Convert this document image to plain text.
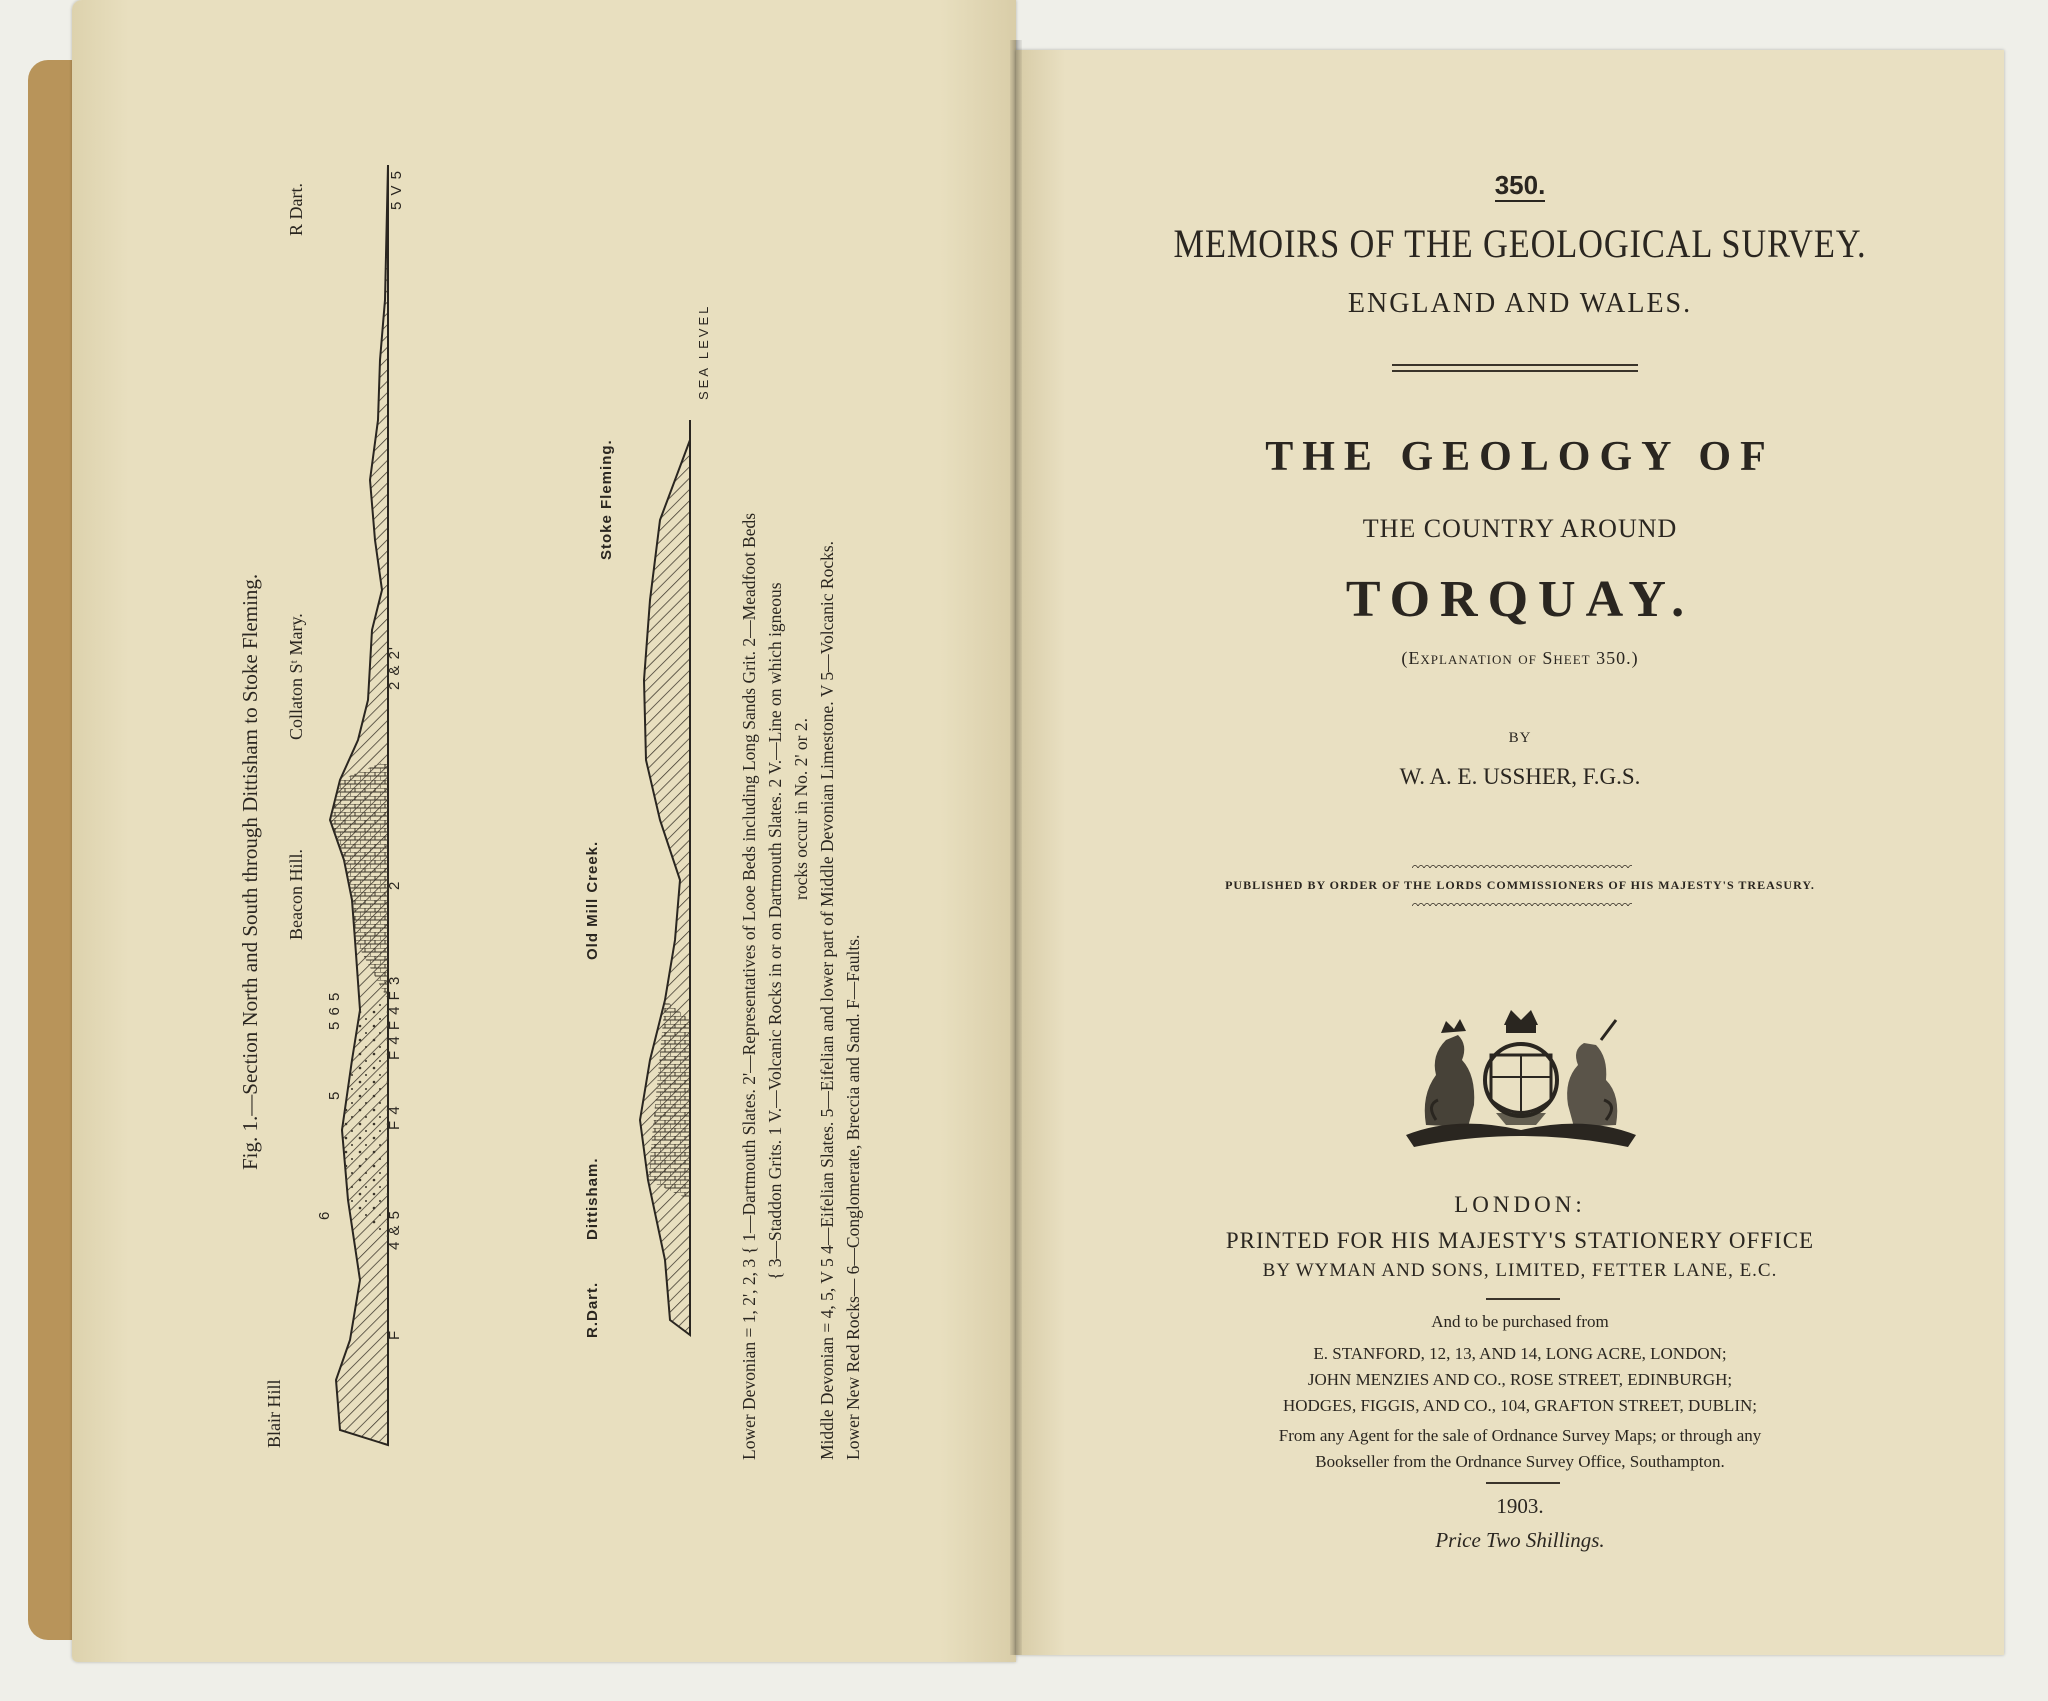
Fig. 1.—Section North and South through Dittisham to Stoke Fleming.
Blair Hill
Beacon Hill.
Collaton Sᵗ Mary.
R Dart.
F
4 & 5
F 4
F 4 F 4 F 3
2
2 & 2'
5
5 6 5
6
5 V 5
R.Dart.
Dittisham.
Old Mill Creek.
Stoke Fleming.
SEA LEVEL
Lower Devonian = 1, 2', 2, 3 { 1—Dartmouth Slates. 2'—Representatives of Looe Beds including Long Sands Grit. 2—Meadfoot Beds { 3—Staddon Grits. 1 V.—Volcanic Rocks in or on Dartmouth Slates. 2 V.—Line on which igneous rocks occur in No. 2' or 2. Middle Devonian = 4, 5, V 5 4—Eifelian Slates. 5—Eifelian and lower part of Middle Devonian Limestone. V 5—Volcanic Rocks. Lower New Red Rocks— 6—Conglomerate, Breccia and Sand. F—Faults.
350.
MEMOIRS OF THE GEOLOGICAL SURVEY.
ENGLAND AND WALES.
THE GEOLOGY OF
THE COUNTRY AROUND
TORQUAY.
(Explanation of Sheet 350.)
BY
W. A. E. USSHER, F.G.S.
PUBLISHED BY ORDER OF THE LORDS COMMISSIONERS OF HIS MAJESTY'S TREASURY.
LONDON:
PRINTED FOR HIS MAJESTY'S STATIONERY OFFICE
BY WYMAN AND SONS, LIMITED, FETTER LANE, E.C.
And to be purchased from
E. STANFORD, 12, 13, AND 14, LONG ACRE, LONDON;
JOHN MENZIES AND CO., ROSE STREET, EDINBURGH;
HODGES, FIGGIS, AND CO., 104, GRAFTON STREET, DUBLIN;
From any Agent for the sale of Ordnance Survey Maps; or through any
Bookseller from the Ordnance Survey Office, Southampton.
1903.
Price Two Shillings.
